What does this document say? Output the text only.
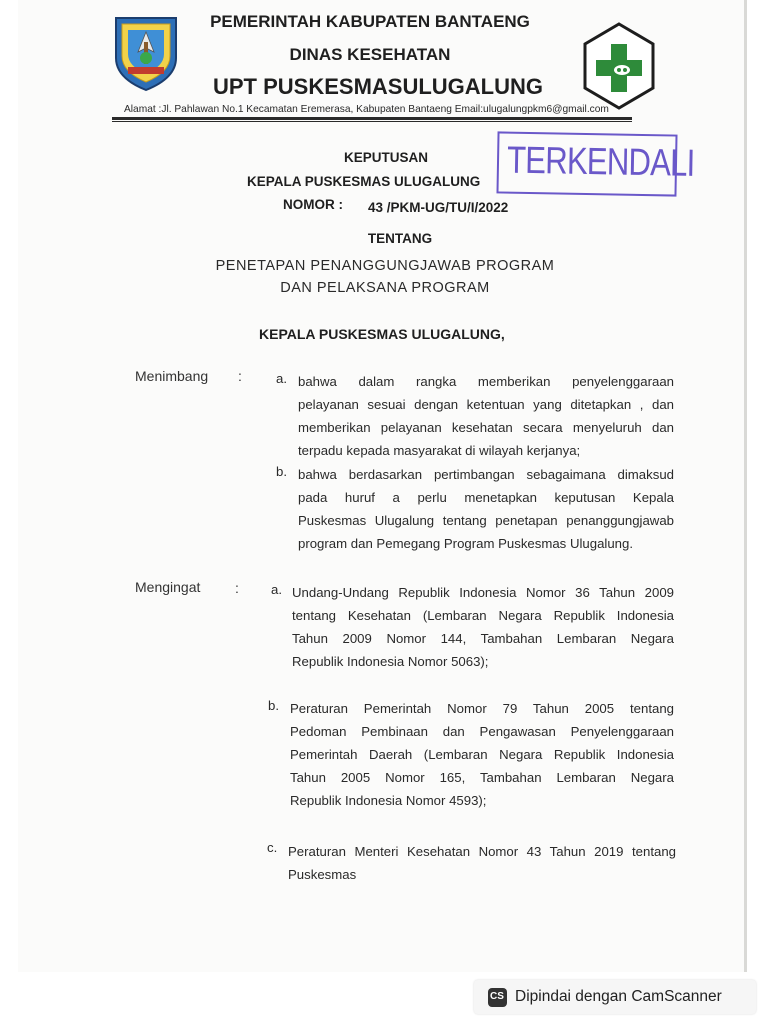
PEMERINTAH KABUPATEN BANTAENG
DINAS KESEHATAN
UPT PUSKESMASULUGALUNG
Alamat :Jl. Pahlawan No.1 Kecamatan Eremerasa, Kabupaten Bantaeng Email:ulugalungpkm6@gmail.com
TERKENDALI
KEPUTUSAN
KEPALA PUSKESMAS ULUGALUNG
NOMOR : 43 /PKM-UG/TU/I/2022
TENTANG
PENETAPAN PENANGGUNGJAWAB PROGRAM
DAN PELAKSANA PROGRAM
KEPALA PUSKESMAS ULUGALUNG,
Menimbang :	a. bahwa dalam rangka memberikan penyelenggaraan
pelayanan sesuai dengan ketentuan yang ditetapkan , dan
memberikan pelayanan kesehatan secara menyeluruh dan
terpadu kepada masyarakat di wilayah kerjanya;
b. bahwa berdasarkan pertimbangan sebagaimana dimaksud
pada huruf a perlu menetapkan keputusan Kepala
Puskesmas Ulugalung tentang penetapan penanggungjawab
program dan Pemegang Program Puskesmas Ulugalung.
Mengingat : a. Undang-Undang Republik Indonesia Nomor 36 Tahun 2009
tentang Kesehatan (Lembaran Negara Republik Indonesia
Tahun 2009 Nomor 144, Tambahan Lembaran Negara
Republik Indonesia Nomor 5063);
b. Peraturan Pemerintah Nomor 79 Tahun 2005 tentang
Pedoman Pembinaan dan Pengawasan Penyelenggaraan
Pemerintah Daerah (Lembaran Negara Republik Indonesia
Tahun 2005 Nomor 165, Tambahan Lembaran Negara
Republik Indonesia Nomor 4593);
c. Peraturan Menteri Kesehatan Nomor 43 Tahun 2019 tentang
Puskesmas
CS Dipindai dengan CamScanner
